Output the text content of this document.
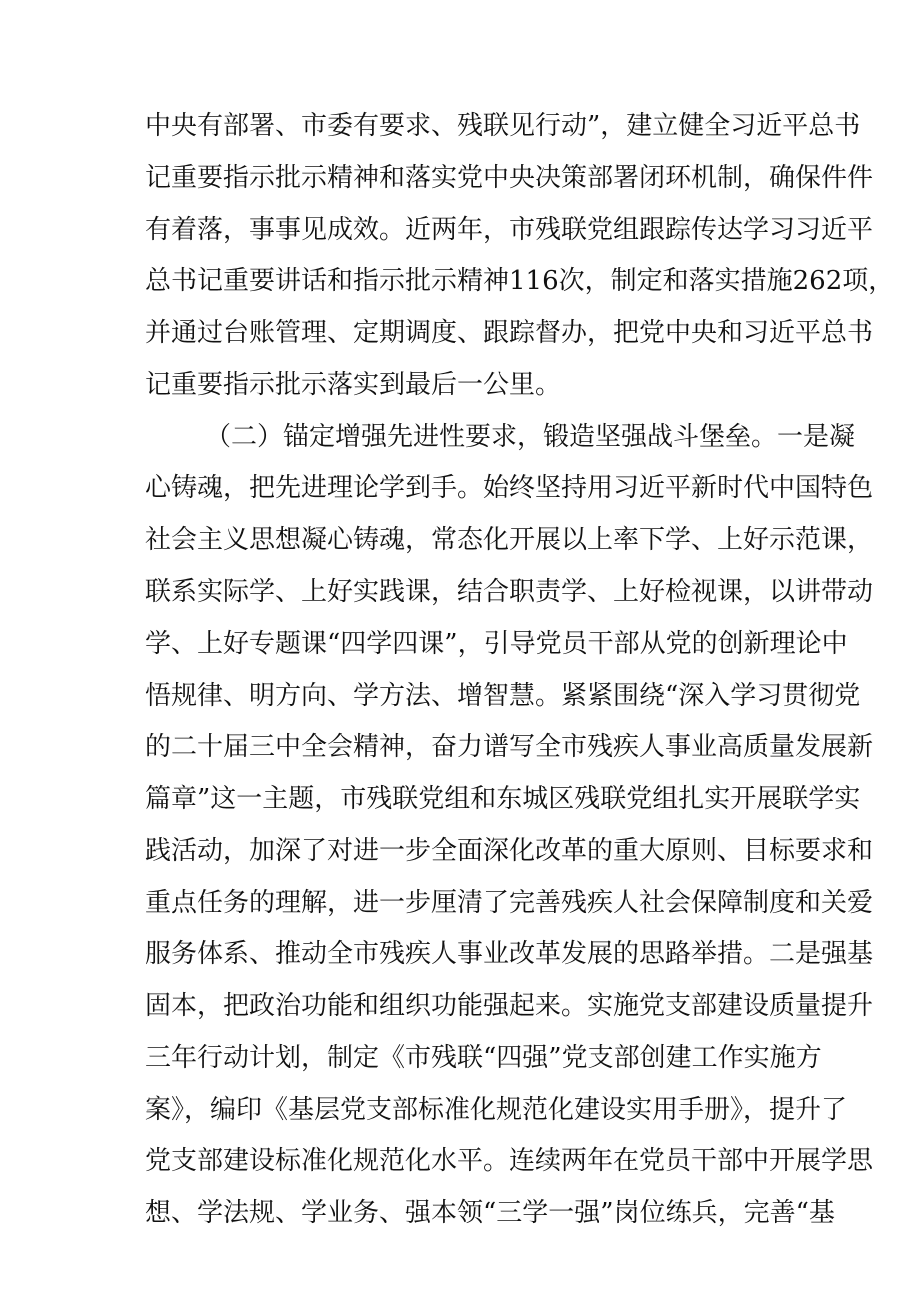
中央有部署、市委有要求、残联见行动”，建立健全习近平总书
记重要指示批示精神和落实党中央决策部署闭环机制，确保件件
有着落，事事见成效。近两年，市残联党组跟踪传达学习习近平
总书记重要讲话和指示批示精神116次，制定和落实措施262项，
并通过台账管理、定期调度、跟踪督办，把党中央和习近平总书
记重要指示批示落实到最后一公里。
（二）锚定增强先进性要求，锻造坚强战斗堡垒。一是凝
心铸魂，把先进理论学到手。始终坚持用习近平新时代中国特色
社会主义思想凝心铸魂，常态化开展以上率下学、上好示范课，
联系实际学、上好实践课，结合职责学、上好检视课，以讲带动
学、上好专题课“四学四课”，引导党员干部从党的创新理论中
悟规律、明方向、学方法、增智慧。紧紧围绕“深入学习贯彻党
的二十届三中全会精神，奋力谱写全市残疾人事业高质量发展新
篇章”这一主题，市残联党组和东城区残联党组扎实开展联学实
践活动，加深了对进一步全面深化改革的重大原则、目标要求和
重点任务的理解，进一步厘清了完善残疾人社会保障制度和关爱
服务体系、推动全市残疾人事业改革发展的思路举措。二是强基
固本，把政治功能和组织功能强起来。实施党支部建设质量提升
三年行动计划，制定《市残联“四强”党支部创建工作实施方
案》，编印《基层党支部标准化规范化建设实用手册》，提升了
党支部建设标准化规范化水平。连续两年在党员干部中开展学思
想、学法规、学业务、强本领“三学一强”岗位练兵，完善“基
